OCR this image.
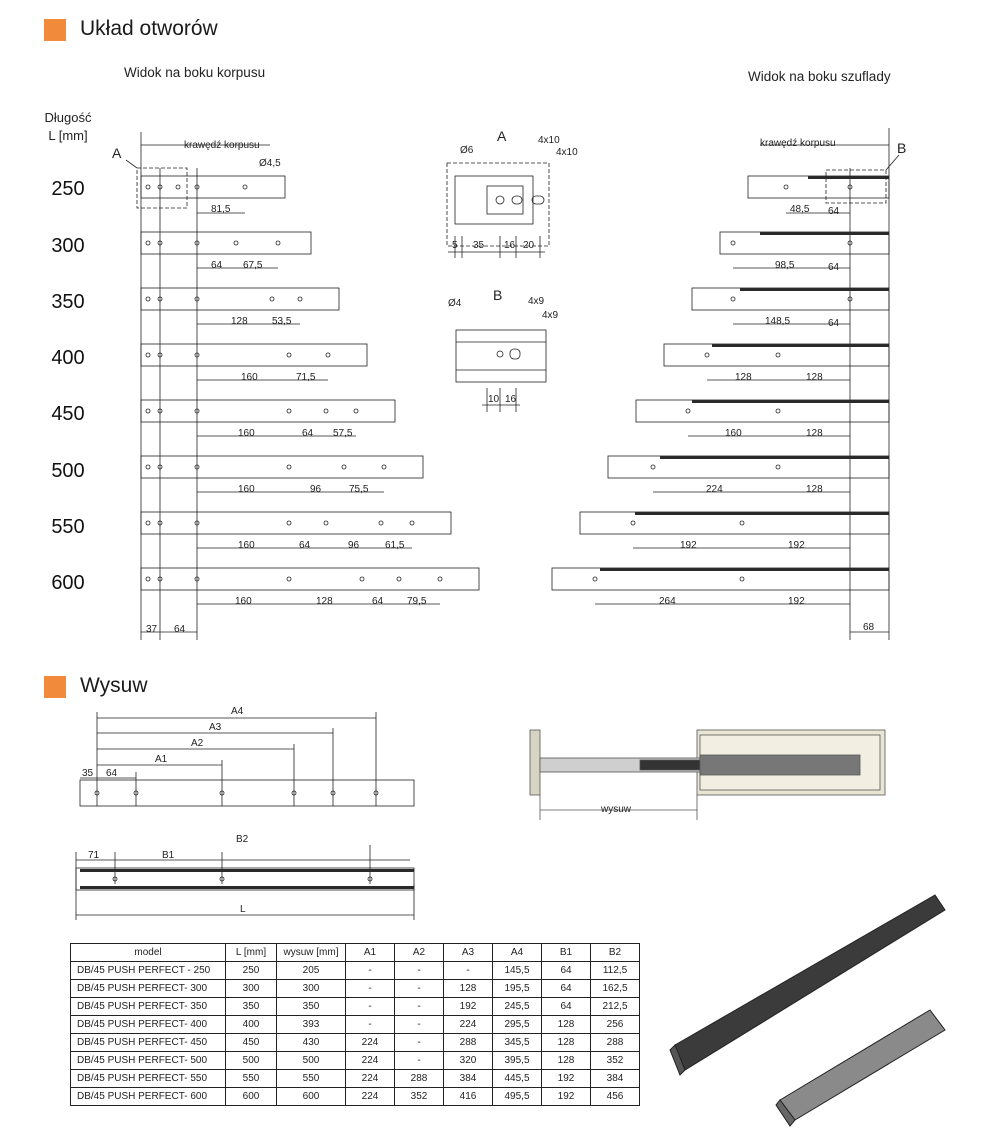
Układ otworów
Widok na boku korpusu	Widok na boku szuflady
Długość
L [mm]
250
300
350
400
450
500
550
600
krawędź korpusu
A
Ø4,5
81,5
64 67,5
128 53,5
160	71,5
160	64 57,5
160	96	75,5
160	64	96	61,5
160	128	64 79,5
37 64
A
Ø6
4x10
4x10
5 35 16 20
B
Ø4	4x9
4x9
10 16
krawędź korpusu	B
48,5 64
98,5	64
148,5	64
128	128
160	128
224	128
192	192
264	192
68
35 64
A1
A2
A3
A4
71	B1
B2
L
wysuw
Wysuw
model	L [mm]	wysuw [mm]	A1	A2	A3	A4	B1	B2
DB/45 PUSH PERFECT - 250	250	205	-	-	-	145,5	64	112,5
DB/45 PUSH PERFECT- 300	300	300	-	-	128	195,5	64	162,5
DB/45 PUSH PERFECT- 350	350	350	-	-	192	245,5	64	212,5
DB/45 PUSH PERFECT- 400	400	393	-	-	224	295,5	128	256
DB/45 PUSH PERFECT- 450	450	430	224	-	288	345,5	128	288
DB/45 PUSH PERFECT- 500	500	500	224	-	320	395,5	128	352
DB/45 PUSH PERFECT- 550	550	550	224	288	384	445,5	192	384
DB/45 PUSH PERFECT- 600	600	600	224	352	416	495,5	192	456
